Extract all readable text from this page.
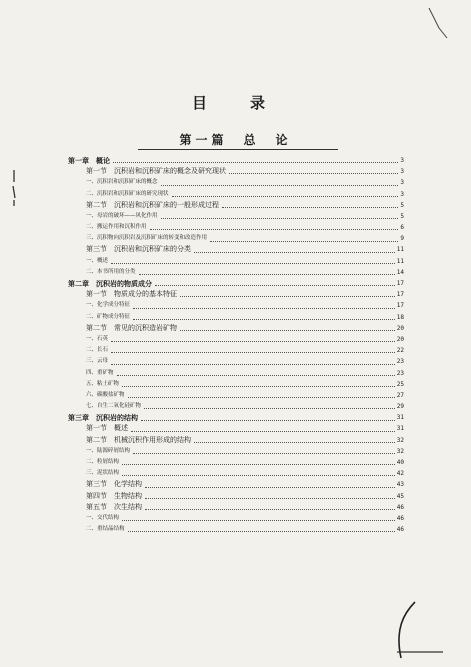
目　录
第一篇　总　论
第一章　概论	3
第一节　沉积岩和沉积矿床的概念及研究现状	3
一、沉积岩和沉积矿床的概念	3
二、沉积岩和沉积矿床的研究现状	3
第二节　沉积岩和沉积矿床的一般形成过程	5
一、母岩的破坏——风化作用	5
二、搬运作用和沉积作用	6
三、沉积物向沉积岩及沉积矿床的转变和改造作用	9
第三节　沉积岩和沉积矿床的分类	11
一、概述	11
二、本书所用的分类	14
第二章　沉积岩的物质成分	17
第一节　物质成分的基本特征	17
一、化学成分特征	17
二、矿物成分特征	18
第二节　常见的沉积造岩矿物	20
一、石英	20
二、长石	22
三、云母	23
四、重矿物	23
五、粘土矿物	25
六、碳酸盐矿物	27
七、自生二氧化硅矿物	29
第三章　沉积岩的结构	31
第一节　概述	31
第二节　机械沉积作用形成的结构	32
一、陆源碎屑结构	32
二、粒屑结构	40
三、泥状结构	42
第三节　化学结构	43
第四节　生物结构	45
第五节　次生结构	46
一、交代结构	46
二、重结晶结构	46
